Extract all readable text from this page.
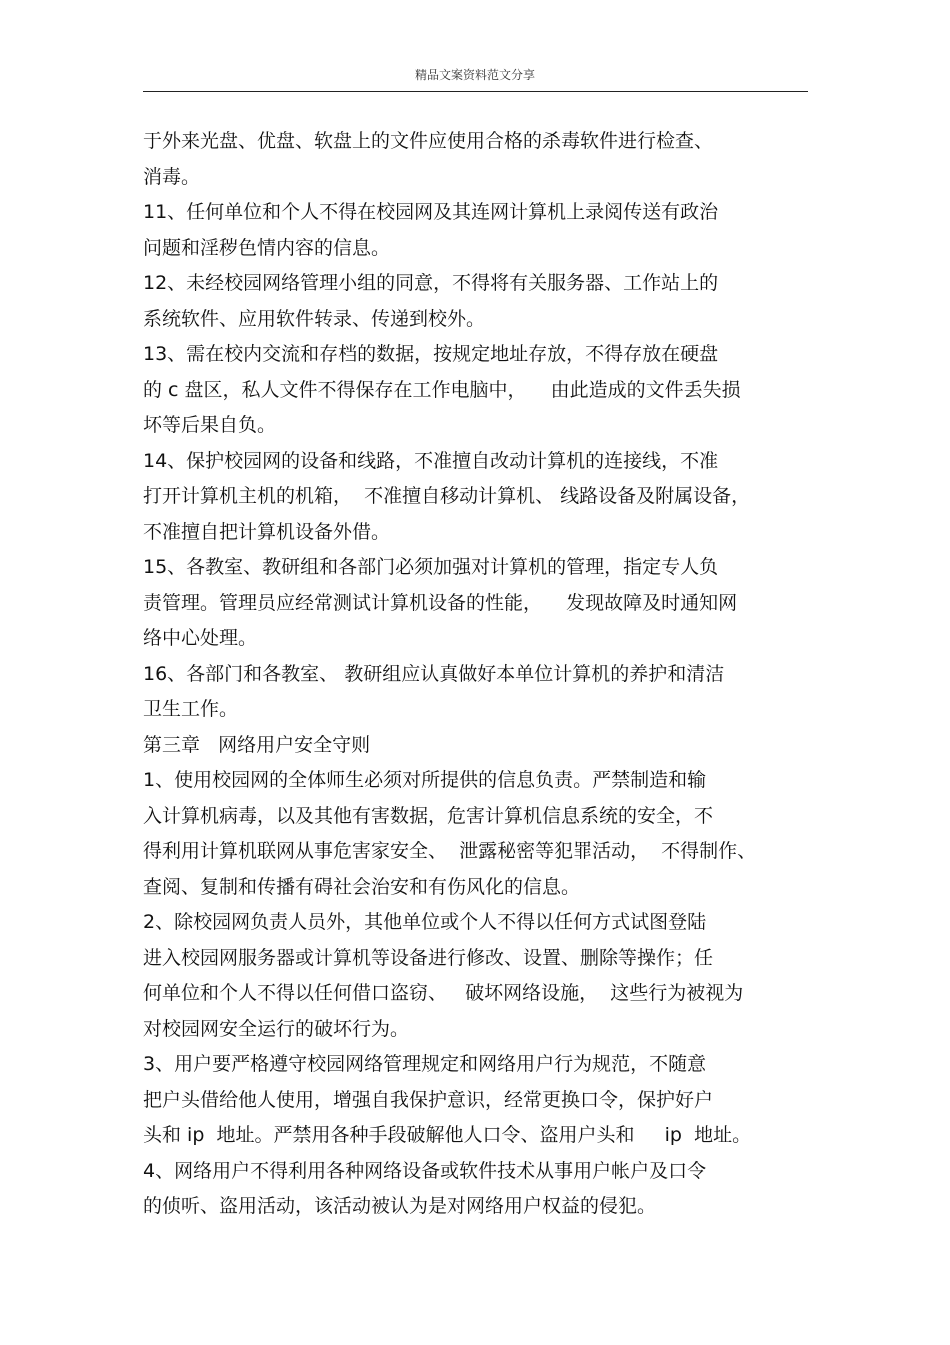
精品文案资料范文分享
于外来光盘、优盘、软盘上的文件应使用合格的杀毒软件进行检查、
消毒。
11、任何单位和个人不得在校园网及其连网计算机上录阅传送有政治
问题和淫秽色情内容的信息。
12、未经校园网络管理小组的同意，不得将有关服务器、工作站上的
系统软件、应用软件转录、传递到校外。
13、需在校内交流和存档的数据，按规定地址存放，不得存放在硬盘
的 c 盘区，私人文件不得保存在工作电脑中，    由此造成的文件丢失损
坏等后果自负。
14、保护校园网的设备和线路，不准擅自改动计算机的连接线，不准
打开计算机主机的机箱，  不准擅自移动计算机、 线路设备及附属设备，
不准擅自把计算机设备外借。
15、各教室、教研组和各部门必须加强对计算机的管理，指定专人负
责管理。管理员应经常测试计算机设备的性能，    发现故障及时通知网
络中心处理。
16、各部门和各教室、 教研组应认真做好本单位计算机的养护和清洁
卫生工作。
第三章   网络用户安全守则
1、使用校园网的全体师生必须对所提供的信息负责。严禁制造和输
入计算机病毒，以及其他有害数据，危害计算机信息系统的安全，不
得利用计算机联网从事危害家安全、  泄露秘密等犯罪活动，  不得制作、
查阅、复制和传播有碍社会治安和有伤风化的信息。
2、除校园网负责人员外，其他单位或个人不得以任何方式试图登陆
进入校园网服务器或计算机等设备进行修改、设置、删除等操作；任
何单位和个人不得以任何借口盗窃、   破坏网络设施，  这些行为被视为
对校园网安全运行的破坏行为。
3、用户要严格遵守校园网络管理规定和网络用户行为规范，不随意
把户头借给他人使用，增强自我保护意识，经常更换口令，保护好户
头和 ip  地址。严禁用各种手段破解他人口令、盗用户头和     ip  地址。
4、网络用户不得利用各种网络设备或软件技术从事用户帐户及口令
的侦听、盗用活动，该活动被认为是对网络用户权益的侵犯。
